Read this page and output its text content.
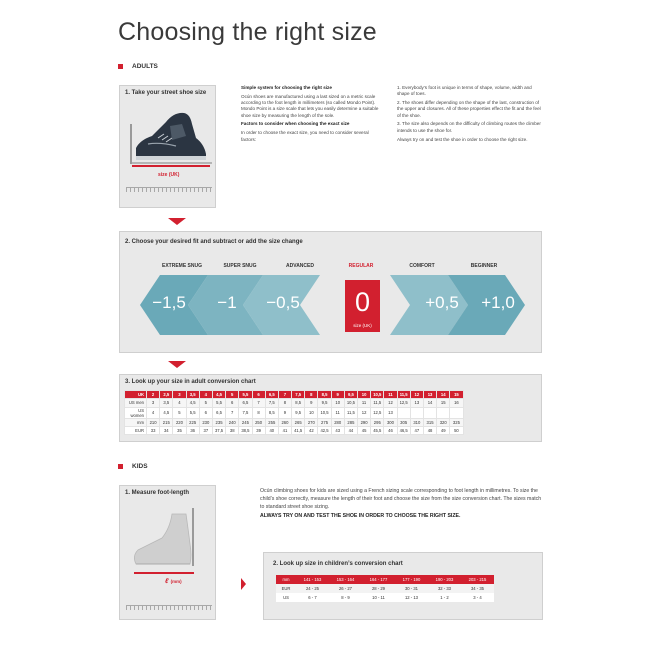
Choosing the right size
ADULTS
1. Take your street shoe size
size (UK)

Simple system for choosing the right size

Ocún shoes are manufactured using a last sized on a metric scale according to the foot length in millimeters (so called Mondo Point). Mondo Point is a size scale that lets you easily determine a suitable shoe size by measuring the length of the sole.

Factors to consider when choosing the exact size

In order to choose the exact size, you need to consider several factors:

1. Everybody’s foot is unique in terms of shape, volume, width and shape of toes.

2. The shoes differ depending on the shape of the last, construction of the upper and closures. All of these properties effect the fit and the feel of the shoe.

3. The size also depends on the difficulty of climbing routes the climber intends to use the shoe for.

Always try on and test the shoe in order to choose the right size.

2. Choose your desired fit and subtract or add the size change
EXTREME SNUG	SUPER SNUG	ADVANCED	REGULAR	COMFORT	BEGINNER
−1,5	−1	−0,5	0
size (UK)
+0,5	+1,0
3. Look up your size in adult conversion chart
UK	2	2,5	3	3,5	4	4,5	5	5,5	6	6,5	7	7,5	8	8,5	9	9,5	10	10,5	11	11,5	12	13	14	15
US men	3	3,5	4	4,5	5	5,5	6	6,5	7	7,5	8	8,5	9	9,5	10	10,5	11	11,5	12	12,5	13	14	15	16
US women	4	4,5	5	5,5	6	6,5	7	7,5	8	8,5	9	9,5	10	10,5	11	11,5	12	12,5	13					
mm	210	215	220	225	230	235	240	245	250	255	260	265	270	275	280	285	290	295	300	305	310	315	320	325
EUR	33	34	35	36	37	37,5	38	38,5	39	40	41	41,5	42	42,5	43	44	45	45,5	46	46,5	47	48	49	50
KIDS
1. Measure foot-length
ℓ (mm)

Ocún climbing shoes for kids are sized using a French sizing scale corresponding to foot length in millimetres. To size the child’s shoe correctly, measure the length of their foot and choose the size from the size conversion chart. The sizes match to standard street shoe sizing.

ALWAYS TRY ON AND TEST THE SHOE IN ORDER TO CHOOSE THE RIGHT SIZE.

2. Look up size in children’s conversion chart
mm	141 - 153	153 - 164	164 - 177	177 - 190	190 - 203	203 - 215
EUR	24 - 25	26 - 27	28 - 29	30 - 31	32 - 33	34 - 35
US	6 - 7	8 - 9	10 - 11	12 - 13	1 - 2	3 - 4
